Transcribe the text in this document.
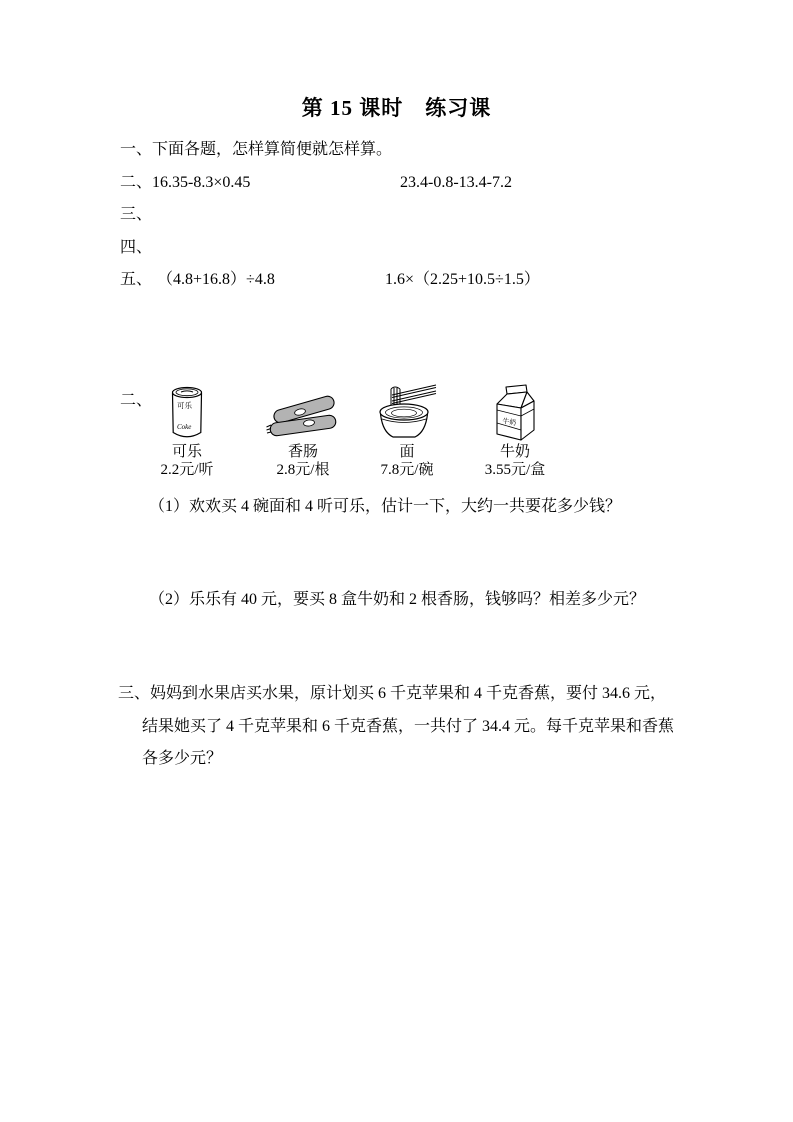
第 15 课时　练习课
一、下面各题，怎样算简便就怎样算。
二、16.35-8.3×0.45	23.4-0.8-13.4-7.2
三、
四、
五、 （4.8+16.8）÷4.8	1.6×（2.25+10.5÷1.5）
二、	可乐
Coke
可乐
2.2元/听
香肠
2.8元/根
面
7.8元/碗
牛奶
牛奶
3.55元/盒
（1）欢欢买 4 碗面和 4 听可乐，估计一下，大约一共要花多少钱？
（2）乐乐有 40 元，要买 8 盒牛奶和 2 根香肠，钱够吗？相差多少元？
三、妈妈到水果店买水果，原计划买 6 千克苹果和 4 千克香蕉，要付 34.6 元，
结果她买了 4 千克苹果和 6 千克香蕉，一共付了 34.4 元。每千克苹果和香蕉
各多少元？
